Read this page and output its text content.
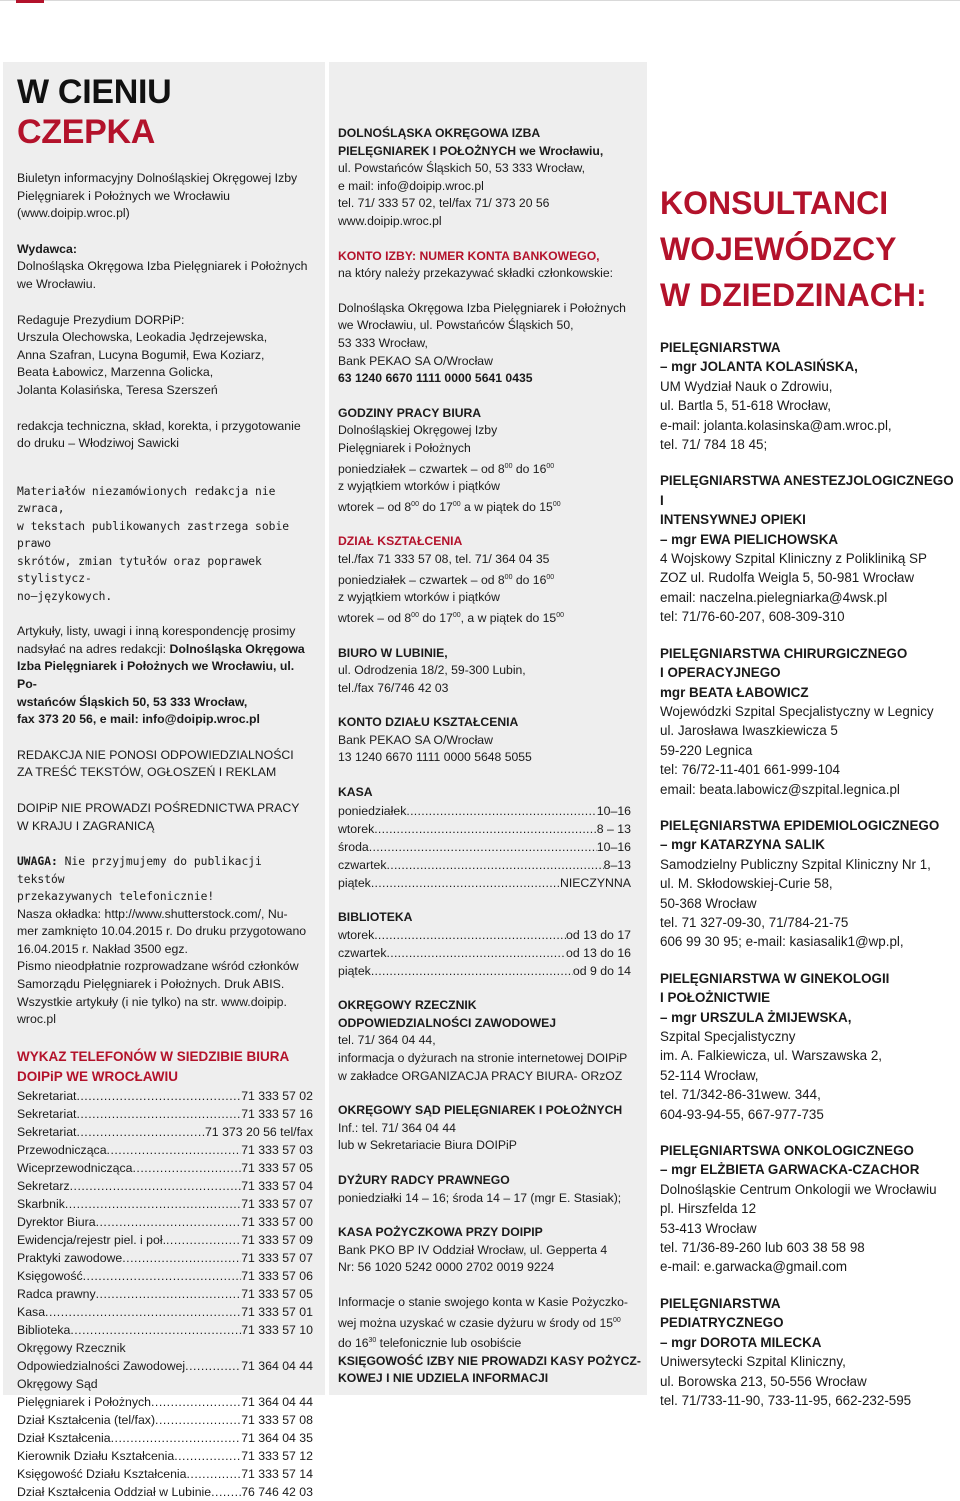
W CIENIU CZEPKA

Biuletyn informacyjny Dolnośląskiej Okręgowej Izby

Pielęgniarek i Położnych we Wrocławiu

(www.doipip.wroc.pl)

Wydawca:

Dolnośląska Okręgowa Izba Pielęgniarek i Położnych

we Wrocławiu.

Redaguje Prezydium DORPiP:

Urszula Olechowska, Leokadia Jędrzejewska,

Anna Szafran, Lucyna Bogumił, Ewa Koziarz,

Beata Łabowicz, Marzenna Golicka,

Jolanta Kolasińska, Teresa Szerszeń

redakcja techniczna, skład, korekta, i przygotowanie

do druku – Włodziwoj Sawicki

Materiałów niezamówionych redakcja nie zwraca,

w tekstach publikowanych zastrzega sobie prawo

skrótów, zmian tytułów oraz poprawek stylistycz-

no–językowych.

Artykuły, listy, uwagi i inną korespondencję prosimy

nadsyłać na adres redakcji: Dolnośląska Okręgowa

Izba Pielęgniarek i Położnych we Wrocławiu, ul. Po-

wstańców Śląskich 50, 53 333 Wrocław,

fax 373 20 56, e mail: info@doipip.wroc.pl

REDAKCJA NIE PONOSI ODPOWIEDZIALNOŚCI

ZA TREŚĆ TEKSTÓW, OGŁOSZEŃ I REKLAM

DOIPiP NIE PROWADZI POŚREDNICTWA PRACY

W KRAJU I ZAGRANICĄ

UWAGA: Nie przyjmujemy do publikacji tekstów

przekazywanych telefonicznie!

Nasza okładka: http://www.shutterstock.com/, Nu-

mer zamknięto 10.04.2015 r. Do druku przygotowano

16.04.2015 r. Nakład 3500 egz.

Pismo nieodpłatnie rozprowadzane wśród członków

Samorządu Pielęgniarek i Położnych. Druk ABIS.

Wszystkie artykuły (i nie tylko) na str. www.doipip.

wroc.pl

WYKAZ TELEFONÓW W SIEDZIBIE BIURA

DOIPiP WE WROCŁAWIU

Sekretariat .....	71 333 57 02
Sekretariat .....	71 333 57 16
Sekretariat .....	71 373 20 56 tel/fax
Przewodnicząca .....	71 333 57 03
Wiceprzewodnicząca .....	71 333 57 05
Sekretarz .....	71 333 57 04
Skarbnik .....	71 333 57 07
Dyrektor Biura .....	71 333 57 00
Ewidencja/rejestr piel. i poł. .....	71 333 57 09
Praktyki zawodowe .....	71 333 57 07
Księgowość .....	71 333 57 06
Radca prawny .....	71 333 57 05
Kasa .....	71 333 57 01
Biblioteka .....	71 333 57 10

Okręgowy Rzecznik

Odpowiedzialności Zawodowej .....	71 364 04 44

Okręgowy Sąd

Pielęgniarek i Położnych .....	71 364 04 44
Dział Kształcenia (tel/fax) .....	71 333 57 08
Dział Kształcenia .....	71 364 04 35
Kierownik Działu Kształcenia .....	71 333 57 12
Księgowość Działu Kształcenia .....	71 333 57 14
Dział Kształcenia Oddział w Lubinie ..... 76 746 42 03

DOLNOŚLĄSKA OKRĘGOWA IZBA

PIELĘGNIAREK I POŁOŻNYCH we Wrocławiu,

ul. Powstańców Śląskich 50, 53 333 Wrocław,

e mail: info@doipip.wroc.pl

tel. 71/ 333 57 02, tel/fax 71/ 373 20 56

www.doipip.wroc.pl

KONTO IZBY: NUMER KONTA BANKOWEGO,

na który należy przekazywać składki członkowskie:

Dolnośląska Okręgowa Izba Pielęgniarek i Położnych

we Wrocławiu, ul. Powstańców Śląskich 50,

53 333 Wrocław,

Bank PEKAO SA O/Wrocław

63 1240 6670 1111 0000 5641 0435

GODZINY PRACY BIURA

Dolnośląskiej Okręgowej Izby

Pielęgniarek i Położnych

poniedziałek – czwartek – od $8^{00}$ do $16^{00}$

z wyjątkiem wtorków i piątków

wtorek – od $8^{00}$ do $17^{00}$ a w piątek do $15^{00}$

DZIAŁ KSZTAŁCENIA

tel./fax 71 333 57 08, tel. 71/ 364 04 35

poniedziałek – czwartek – od $8^{00}$ do $16^{00}$

z wyjątkiem wtorków i piątków

wtorek – od $8^{00}$ do $17^{00}$, a w piątek do $15^{00}$

BIURO W LUBINIE,

ul. Odrodzenia 18/2, 59-300 Lubin,

tel./fax 76/746 42 03

KONTO DZIAŁU KSZTAŁCENIA

Bank PEKAO SA O/Wrocław

13 1240 6670 1111 0000 5648 5055

KASA

poniedziałek .....	10–16
wtorek .....	8 – 13
środa .....	10–16
czwartek .....	8–13
piątek .....	NIECZYNNA

BIBLIOTEKA

wtorek .....	od 13 do 17
czwartek .....	od 13 do 16
piątek .....	od 9 do 14

OKRĘGOWY RZECZNIK

ODPOWIEDZIALNOŚCI ZAWODOWEJ

tel. 71/ 364 04 44,

informacja o dyżurach na stronie internetowej DOIPiP

w zakładce ORGANIZACJA PRACY BIURA- ORzOZ

OKRĘGOWY SĄD PIELĘGNIAREK I POŁOŻNYCH

Inf.: tel. 71/ 364 04 44

lub w Sekretariacie Biura DOIPiP

DYŻURY RADCY PRAWNEGO

poniedziałki 14 – 16; środa 14 – 17 (mgr E. Stasiak);

KASA POŻYCZKOWA PRZY DOIPIP

Bank PKO BP IV Oddział Wrocław, ul. Gepperta 4

Nr: 56 1020 5242 0000 2702 0019 9224

Informacje o stanie swojego konta w Kasie Pożyczko-

wej można uzyskać w czasie dyżuru w środy od $15^{00}$

do $16^{30}$ telefonicznie lub osobiście

KSIĘGOWOŚĆ IZBY NIE PROWADZI KASY POŻYCZ-

KOWEJ I NIE UDZIELA INFORMACJI

KONSULTANCI
WOJEWÓDZCY
W DZIEDZINACH:

PIELĘGNIARSTWA

– mgr JOLANTA KOLASIŃSKA,

UM Wydział Nauk o Zdrowiu,

ul. Bartla 5, 51-618 Wrocław,

e-mail: jolanta.kolasinska@am.wroc.pl,

tel. 71/ 784 18 45;

PIELĘGNIARSTWA ANESTEZJOLOGICZNEGO I

INTENSYWNEJ OPIEKI

– mgr EWA PIELICHOWSKA

4 Wojskowy Szpital Kliniczny z Polikliniką SP

ZOZ ul. Rudolfa Weigla 5, 50-981 Wrocław

email: naczelna.pielegniarka@4wsk.pl

tel: 71/76-60-207, 608-309-310

PIELĘGNIARSTWA CHIRURGICZNEGO

I OPERACYJNEGO

mgr BEATA ŁABOWICZ

Wojewódzki Szpital Specjalistyczny w Legnicy

ul. Jarosława Iwaszkiewicza 5

59-220 Legnica

tel: 76/72-11-401 661-999-104

email: beata.labowicz@szpital.legnica.pl

PIELĘGNIARSTWA EPIDEMIOLOGICZNEGO

– mgr KATARZYNA SALIK

Samodzielny Publiczny Szpital Kliniczny Nr 1,

ul. M. Skłodowskiej-Curie 58,

50-368 Wrocław

tel. 71 327-09-30, 71/784-21-75

606 99 30 95; e-mail: kasiasalik1@wp.pl,

PIELĘGNIARSTWA W GINEKOLOGII

I POŁOŻNICTWIE

– mgr URSZULA ŻMIJEWSKA,

Szpital Specjalistyczny

im. A. Falkiewicza, ul. Warszawska 2,

52-114 Wrocław,

tel. 71/342-86-31wew. 344,

604-93-94-55, 667-977-735

PIELĘGNIARTSWA ONKOLOGICZNEGO

– mgr ELŻBIETA GARWACKA-CZACHOR

Dolnośląskie Centrum Onkologii we Wrocławiu

pl. Hirszfelda 12

53-413 Wrocław

tel. 71/36-89-260 lub 603 38 58 98

e-mail: e.garwacka@gmail.com

PIELĘGNIARSTWA

PEDIATRYCZNEGO

– mgr DOROTA MILECKA

Uniwersytecki Szpital Kliniczny,

ul. Borowska 213, 50-556 Wrocław

tel. 71/733-11-90, 733-11-95, 662-232-595
